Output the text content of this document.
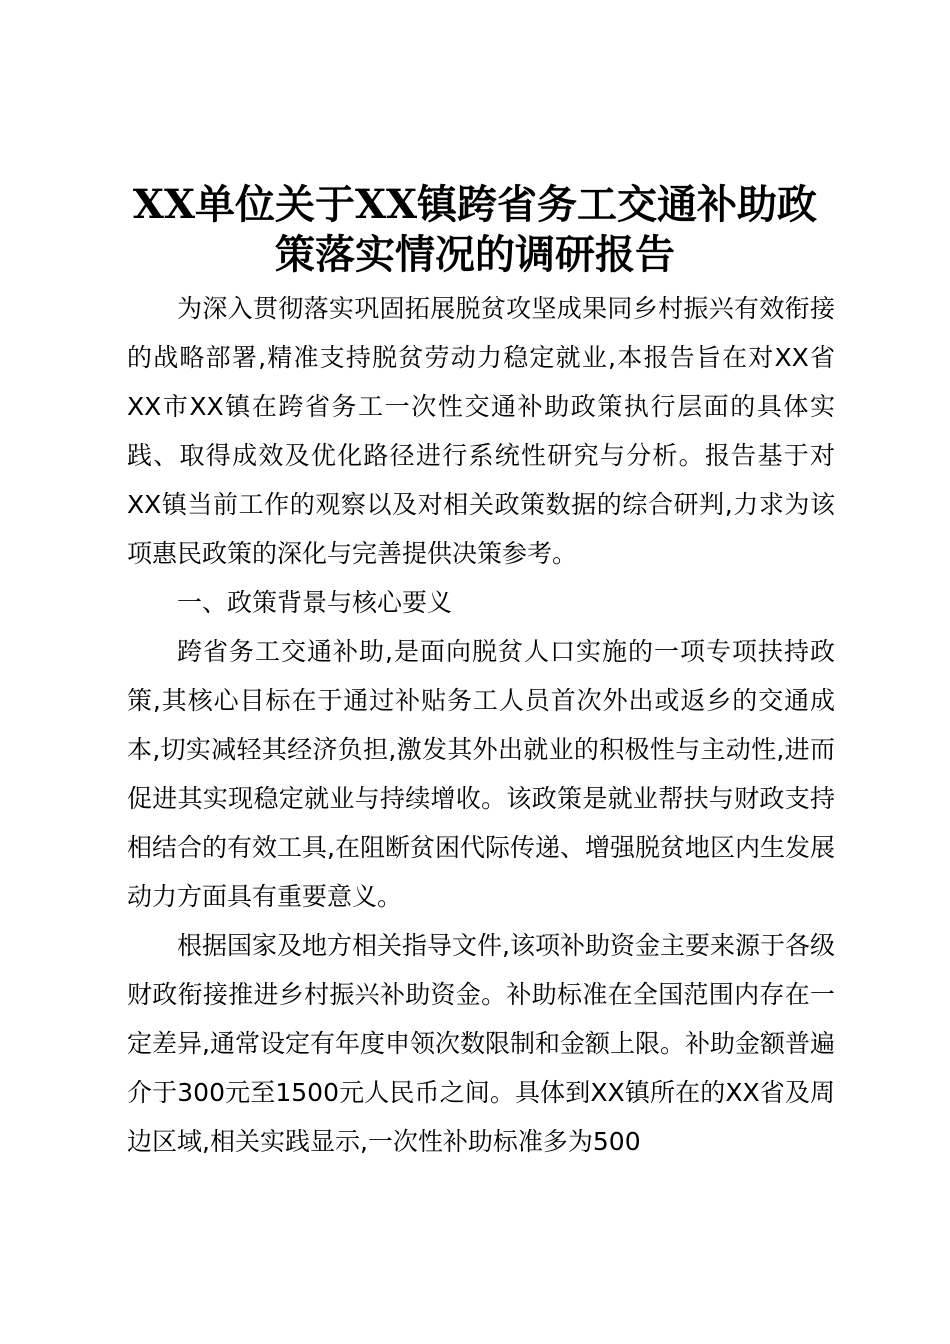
XX单位关于XX镇跨省务工交通补助政
策落实情况的调研报告

为深入贯彻落实巩固拓展脱贫攻坚成果同乡村振兴有效衔接的战略部署,精准支持脱贫劳动力稳定就业,本报告旨在对XX省XX市XX镇在跨省务工一次性交通补助政策执行层面的具体实践、取得成效及优化路径进行系统性研究与分析。报告基于对XX镇当前工作的观察以及对相关政策数据的综合研判,力求为该项惠民政策的深化与完善提供决策参考。

一、政策背景与核心要义

跨省务工交通补助,是面向脱贫人口实施的一项专项扶持政策,其核心目标在于通过补贴务工人员首次外出或返乡的交通成本,切实减轻其经济负担,激发其外出就业的积极性与主动性,进而促进其实现稳定就业与持续增收。该政策是就业帮扶与财政支持相结合的有效工具,在阻断贫困代际传递、增强脱贫地区内生发展动力方面具有重要意义。

根据国家及地方相关指导文件,该项补助资金主要来源于各级财政衔接推进乡村振兴补助资金。补助标准在全国范围内存在一定差异,通常设定有年度申领次数限制和金额上限。补助金额普遍介于300元至1500元人民币之间。具体到XX镇所在的XX省及周边区域,相关实践显示,一次性补助标准多为500
